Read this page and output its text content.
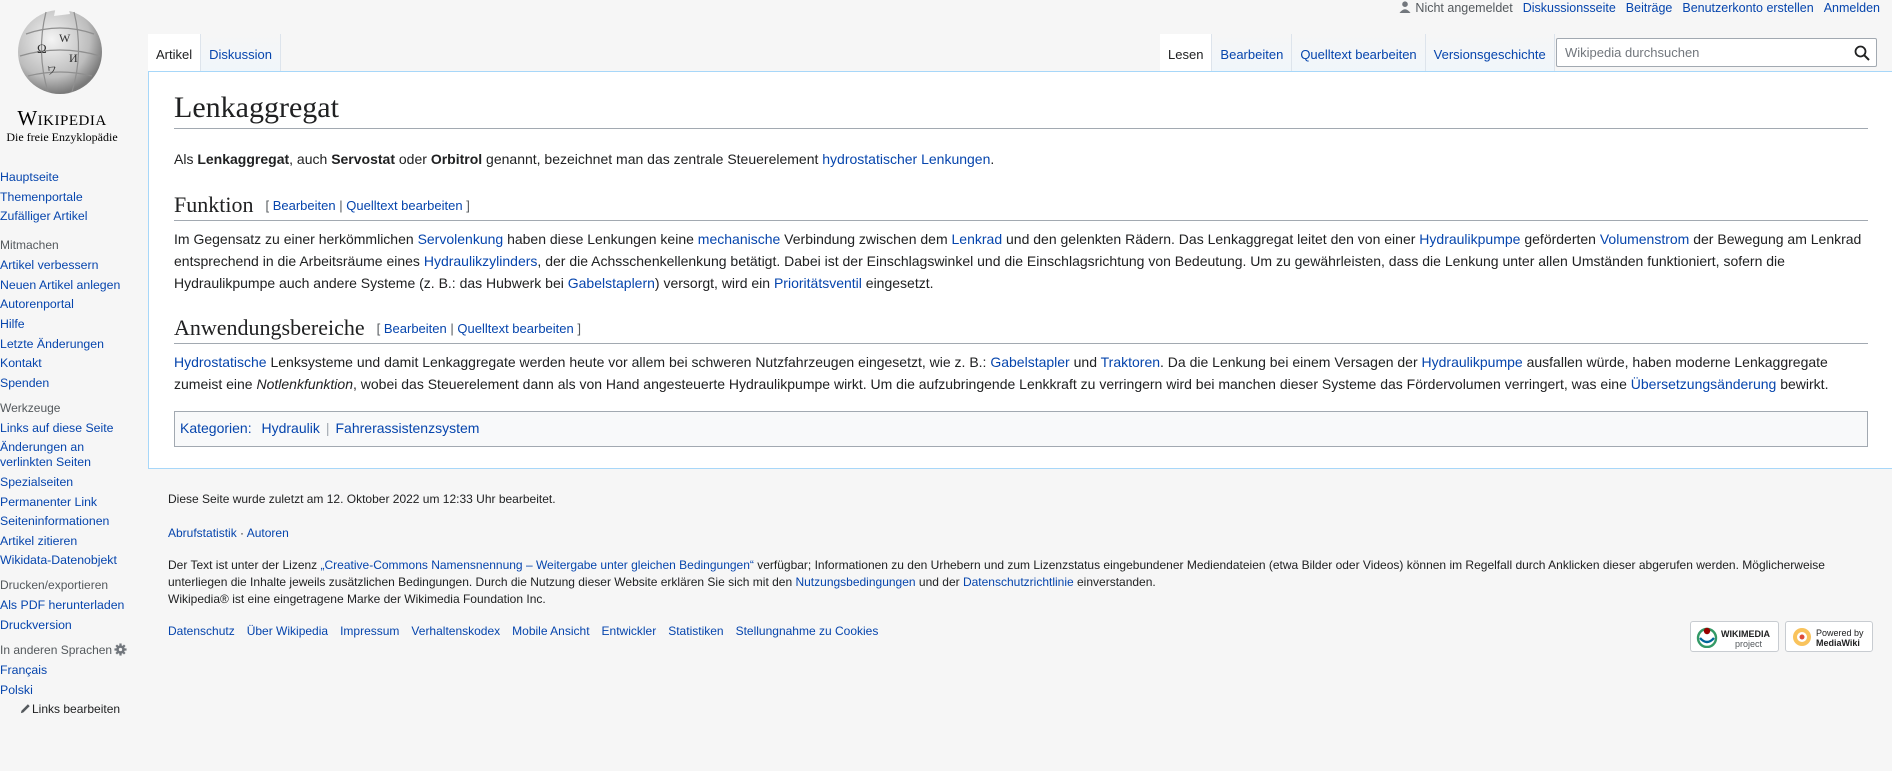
Ω
W
И
ワ
Wikipedia
Die freie Enzyklopädie
Nicht angemeldet Diskussionsseite Beiträge Benutzerkonto erstellen Anmelden
Artikel	Diskussion	Lesen	Bearbeiten	Quelltext bearbeiten	Versionsgeschichte
Wikipedia durchsuchen
Lenkaggregat

Als Lenkaggregat, auch Servostat oder Orbitrol genannt, bezeichnet man das zentrale Steuerelement hydrostatischer Lenkungen.

Funktion [ Bearbeiten | Quelltext bearbeiten ]

Im Gegensatz zu einer herkömmlichen Servolenkung haben diese Lenkungen keine mechanische Verbindung zwischen dem Lenkrad und den gelenkten Rädern. Das Lenkaggregat leitet den von einer Hydraulikpumpe geförderten Volumenstrom der Bewegung am Lenkrad entsprechend in die Arbeitsräume eines Hydraulikzylinders, der die Achsschenkellenkung betätigt. Dabei ist der Einschlagswinkel und die Einschlagsrichtung von Bedeutung. Um zu gewährleisten, dass die Lenkung unter allen Umständen funktioniert, sofern die Hydraulikpumpe auch andere Systeme (z. B.: das Hubwerk bei Gabelstaplern) versorgt, wird ein Prioritätsventil eingesetzt.

Anwendungsbereiche [ Bearbeiten | Quelltext bearbeiten ]

Hydrostatische Lenksysteme und damit Lenkaggregate werden heute vor allem bei schweren Nutzfahrzeugen eingesetzt, wie z. B.: Gabelstapler und Traktoren. Da die Lenkung bei einem Versagen der Hydraulikpumpe ausfallen würde, haben moderne Lenkaggregate zumeist eine Notlenkfunktion, wobei das Steuerelement dann als von Hand angesteuerte Hydraulikpumpe wirkt. Um die aufzubringende Lenkkraft zu verringern wird bei manchen dieser Systeme das Fördervolumen verringert, was eine Übersetzungsänderung bewirkt.

Kategorien: Hydraulik | Fahrerassistenzsystem
Hauptseite
Themenportale
Zufälliger Artikel
Mitmachen
Artikel verbessern
Neuen Artikel anlegen
Autorenportal
Hilfe
Letzte Änderungen
Kontakt
Spenden
Werkzeuge
Links auf diese Seite
Änderungen an verlinkten Seiten
Spezialseiten
Permanenter Link
Seiteninformationen
Artikel zitieren
Wikidata-Datenobjekt
Drucken/exportieren
Als PDF herunterladen
Druckversion
In anderen Sprachen
Français
Polski
Links bearbeiten
Diese Seite wurde zuletzt am 12. Oktober 2022 um 12:33 Uhr bearbeitet.
Abrufstatistik · Autoren
Der Text ist unter der Lizenz „Creative-Commons Namensnennung – Weitergabe unter gleichen Bedingungen“ verfügbar; Informationen zu den Urhebern und zum Lizenzstatus eingebundener Mediendateien (etwa Bilder oder Videos) können im Regelfall durch Anklicken dieser abgerufen werden. Möglicherweise unterliegen die Inhalte jeweils zusätzlichen Bedingungen. Durch die Nutzung dieser Website erklären Sie sich mit den Nutzungsbedingungen und der Datenschutzrichtlinie einverstanden.
Wikipedia® ist eine eingetragene Marke der Wikimedia Foundation Inc.
Datenschutz Über Wikipedia Impressum Verhaltenskodex Mobile Ansicht Entwickler Statistiken Stellungnahme zu Cookies	WIKIMEDIA
project
Powered by
MediaWiki
